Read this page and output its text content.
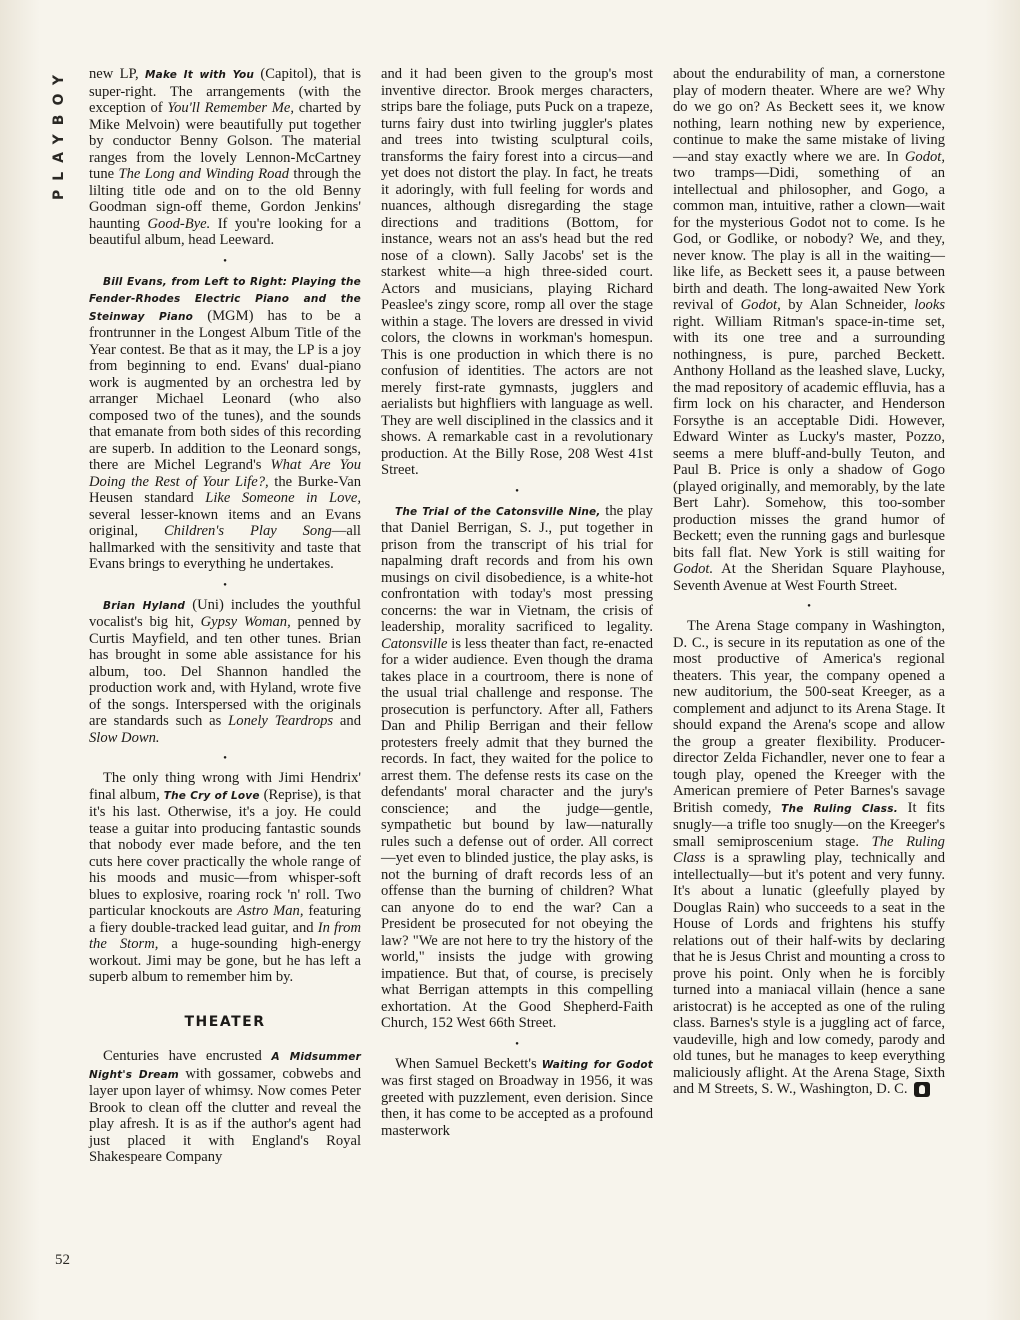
PLAYBOY
52

new LP, Make It with You (Capitol), that is super-right. The arrangements (with the exception of You'll Remember Me, charted by Mike Melvoin) were beautifully put together by conductor Benny Golson. The material ranges from the lovely Lennon-McCartney tune The Long and Winding Road through the lilting title ode and on to the old Benny Goodman sign-off theme, Gordon Jenkins' haunting Good-Bye. If you're looking for a beautiful album, head Leeward.

●

Bill Evans, from Left to Right: Playing the Fender-Rhodes Electric Piano and the Steinway Piano (MGM) has to be a frontrunner in the Longest Album Title of the Year contest. Be that as it may, the LP is a joy from beginning to end. Evans' dual-piano work is augmented by an orchestra led by arranger Michael Leonard (who also composed two of the tunes), and the sounds that emanate from both sides of this recording are superb. In addition to the Leonard songs, there are Michel Legrand's What Are You Doing the Rest of Your Life?, the Burke-Van Heusen standard Like Someone in Love, several lesser-known items and an Evans original, Children's Play Song—all hallmarked with the sensitivity and taste that Evans brings to everything he undertakes.

●

Brian Hyland (Uni) includes the youthful vocalist's big hit, Gypsy Woman, penned by Curtis Mayfield, and ten other tunes. Brian has brought in some able assistance for his album, too. Del Shannon handled the production work and, with Hyland, wrote five of the songs. Interspersed with the originals are standards such as Lonely Teardrops and Slow Down.

●

The only thing wrong with Jimi Hendrix' final album, The Cry of Love (Reprise), is that it's his last. Otherwise, it's a joy. He could tease a guitar into producing fantastic sounds that nobody ever made before, and the ten cuts here cover practically the whole range of his moods and music—from whisper-soft blues to explosive, roaring rock 'n' roll. Two particular knockouts are Astro Man, featuring a fiery double-tracked lead guitar, and In from the Storm, a huge-sounding high-energy workout. Jimi may be gone, but he has left a superb album to remember him by.

THEATER

Centuries have encrusted A Midsummer Night's Dream with gossamer, cobwebs and layer upon layer of whimsy. Now comes Peter Brook to clean off the clutter and reveal the play afresh. It is as if the author's agent had just placed it with England's Royal Shakespeare Company

and it had been given to the group's most inventive director. Brook merges characters, strips bare the foliage, puts Puck on a trapeze, turns fairy dust into twirling juggler's plates and trees into twisting sculptural coils, transforms the fairy forest into a circus—and yet does not distort the play. In fact, he treats it adoringly, with full feeling for words and nuances, although disregarding the stage directions and traditions (Bottom, for instance, wears not an ass's head but the red nose of a clown). Sally Jacobs' set is the starkest white—a high three-sided court. Actors and musicians, playing Richard Peaslee's zingy score, romp all over the stage within a stage. The lovers are dressed in vivid colors, the clowns in workman's homespun. This is one production in which there is no confusion of identities. The actors are not merely first-rate gymnasts, jugglers and aerialists but highfliers with language as well. They are well disciplined in the classics and it shows. A remarkable cast in a revolutionary production. At the Billy Rose, 208 West 41st Street.

●

The Trial of the Catonsville Nine, the play that Daniel Berrigan, S. J., put together in prison from the transcript of his trial for napalming draft records and from his own musings on civil disobedience, is a white-hot confrontation with today's most pressing concerns: the war in Vietnam, the crisis of leadership, morality sacrificed to legality. Catonsville is less theater than fact, re-enacted for a wider audience. Even though the drama takes place in a courtroom, there is none of the usual trial challenge and response. The prosecution is perfunctory. After all, Fathers Dan and Philip Berrigan and their fellow protesters freely admit that they burned the records. In fact, they waited for the police to arrest them. The defense rests its case on the defendants' moral character and the jury's conscience; and the judge—gentle, sympathetic but bound by law—naturally rules such a defense out of order. All correct—yet even to blinded justice, the play asks, is not the burning of draft records less of an offense than the burning of children? What can anyone do to end the war? Can a President be prosecuted for not obeying the law? "We are not here to try the history of the world," insists the judge with growing impatience. But that, of course, is precisely what Berrigan attempts in this compelling exhortation. At the Good Shepherd-Faith Church, 152 West 66th Street.

●

When Samuel Beckett's Waiting for Godot was first staged on Broadway in 1956, it was greeted with puzzlement, even derision. Since then, it has come to be accepted as a profound masterwork

about the endurability of man, a cornerstone play of modern theater. Where are we? Why do we go on? As Beckett sees it, we know nothing, learn nothing new by experience, continue to make the same mistake of living—and stay exactly where we are. In Godot, two tramps—Didi, something of an intellectual and philosopher, and Gogo, a common man, intuitive, rather a clown—wait for the mysterious Godot not to come. Is he God, or Godlike, or nobody? We, and they, never know. The play is all in the waiting—like life, as Beckett sees it, a pause between birth and death. The long-awaited New York revival of Godot, by Alan Schneider, looks right. William Ritman's space-in-time set, with its one tree and a surrounding nothingness, is pure, parched Beckett. Anthony Holland as the leashed slave, Lucky, the mad repository of academic effluvia, has a firm lock on his character, and Henderson Forsythe is an acceptable Didi. However, Edward Winter as Lucky's master, Pozzo, seems a mere bluff-and-bully Teuton, and Paul B. Price is only a shadow of Gogo (played originally, and memorably, by the late Bert Lahr). Somehow, this too-somber production misses the grand humor of Beckett; even the running gags and burlesque bits fall flat. New York is still waiting for Godot. At the Sheridan Square Playhouse, Seventh Avenue at West Fourth Street.

●

The Arena Stage company in Washington, D. C., is secure in its reputation as one of the most productive of America's regional theaters. This year, the company opened a new auditorium, the 500-seat Kreeger, as a complement and adjunct to its Arena Stage. It should expand the Arena's scope and allow the group a greater flexibility. Producer-director Zelda Fichandler, never one to fear a tough play, opened the Kreeger with the American premiere of Peter Barnes's savage British comedy, The Ruling Class. It fits snugly—a trifle too snugly—on the Kreeger's small semiproscenium stage. The Ruling Class is a sprawling play, technically and intellectually—but it's potent and very funny. It's about a lunatic (gleefully played by Douglas Rain) who succeeds to a seat in the House of Lords and frightens his stuffy relations out of their half-wits by declaring that he is Jesus Christ and mounting a cross to prove his point. Only when he is forcibly turned into a maniacal villain (hence a sane aristocrat) is he accepted as one of the ruling class. Barnes's style is a juggling act of farce, vaudeville, high and low comedy, parody and old tunes, but he manages to keep everything maliciously aflight. At the Arena Stage, Sixth and M Streets, S. W., Washington, D. C.
